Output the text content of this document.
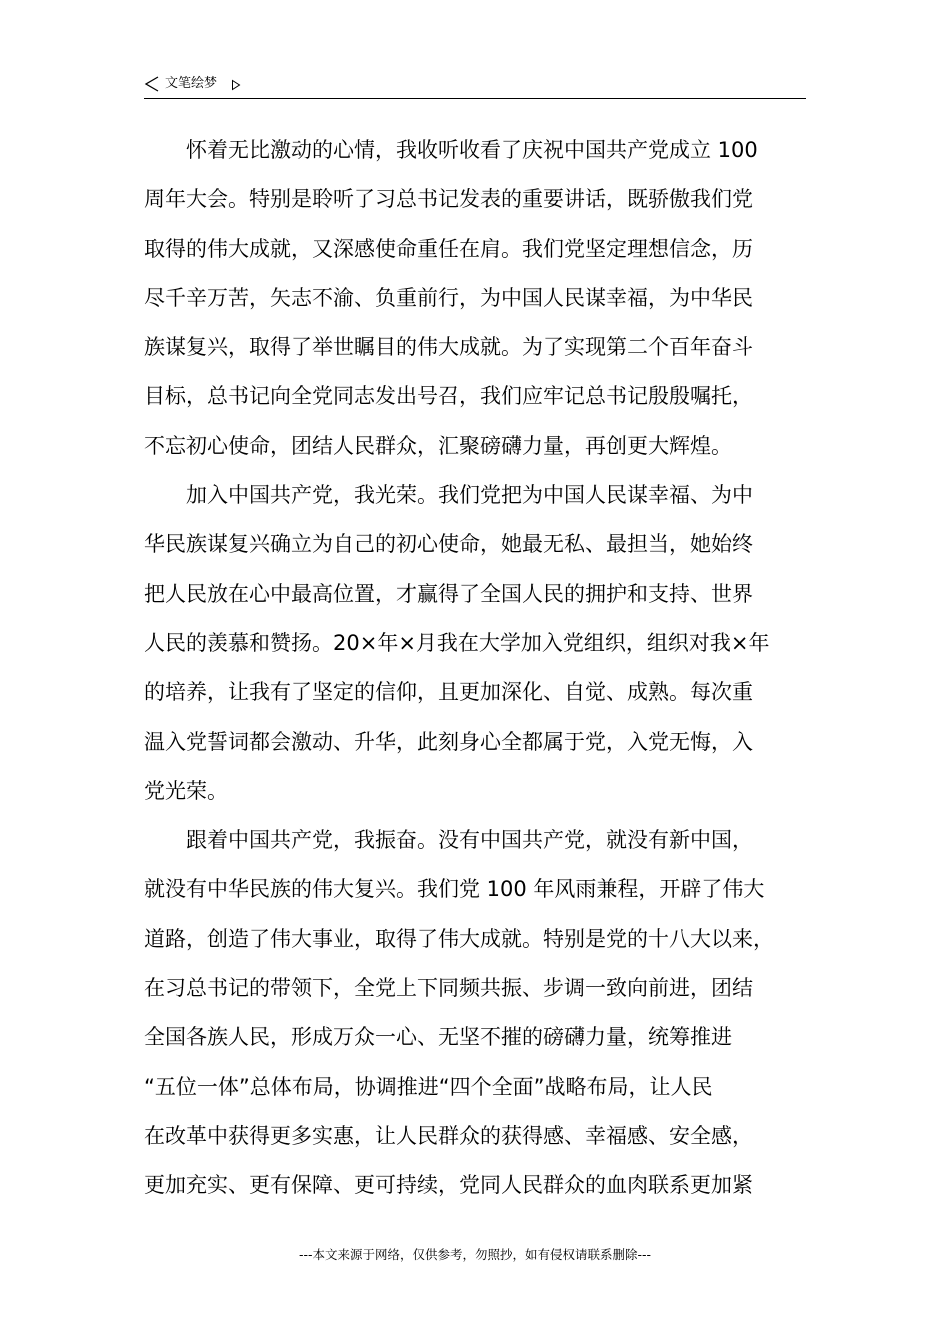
文笔绘梦
　　怀着无比激动的心情，我收听收看了庆祝中国共产党成立 100
周年大会。特别是聆听了习总书记发表的重要讲话，既骄傲我们党
取得的伟大成就，又深感使命重任在肩。我们党坚定理想信念，历
尽千辛万苦，矢志不渝、负重前行，为中国人民谋幸福，为中华民
族谋复兴，取得了举世瞩目的伟大成就。为了实现第二个百年奋斗
目标，总书记向全党同志发出号召，我们应牢记总书记殷殷嘱托，
不忘初心使命，团结人民群众，汇聚磅礴力量，再创更大辉煌。
　　加入中国共产党，我光荣。我们党把为中国人民谋幸福、为中
华民族谋复兴确立为自己的初心使命，她最无私、最担当，她始终
把人民放在心中最高位置，才赢得了全国人民的拥护和支持、世界
人民的羡慕和赞扬。20×年×月我在大学加入党组织，组织对我×年
的培养，让我有了坚定的信仰，且更加深化、自觉、成熟。每次重
温入党誓词都会激动、升华，此刻身心全都属于党，入党无悔，入
党光荣。
　　跟着中国共产党，我振奋。没有中国共产党，就没有新中国，
就没有中华民族的伟大复兴。我们党 100 年风雨兼程，开辟了伟大
道路，创造了伟大事业，取得了伟大成就。特别是党的十八大以来，
在习总书记的带领下，全党上下同频共振、步调一致向前进，团结
全国各族人民，形成万众一心、无坚不摧的磅礴力量，统筹推进
“五位一体”总体布局，协调推进“四个全面”战略布局，让人民
在改革中获得更多实惠，让人民群众的获得感、幸福感、安全感，
更加充实、更有保障、更可持续，党同人民群众的血肉联系更加紧
---本文来源于网络，仅供参考，勿照抄，如有侵权请联系删除---
